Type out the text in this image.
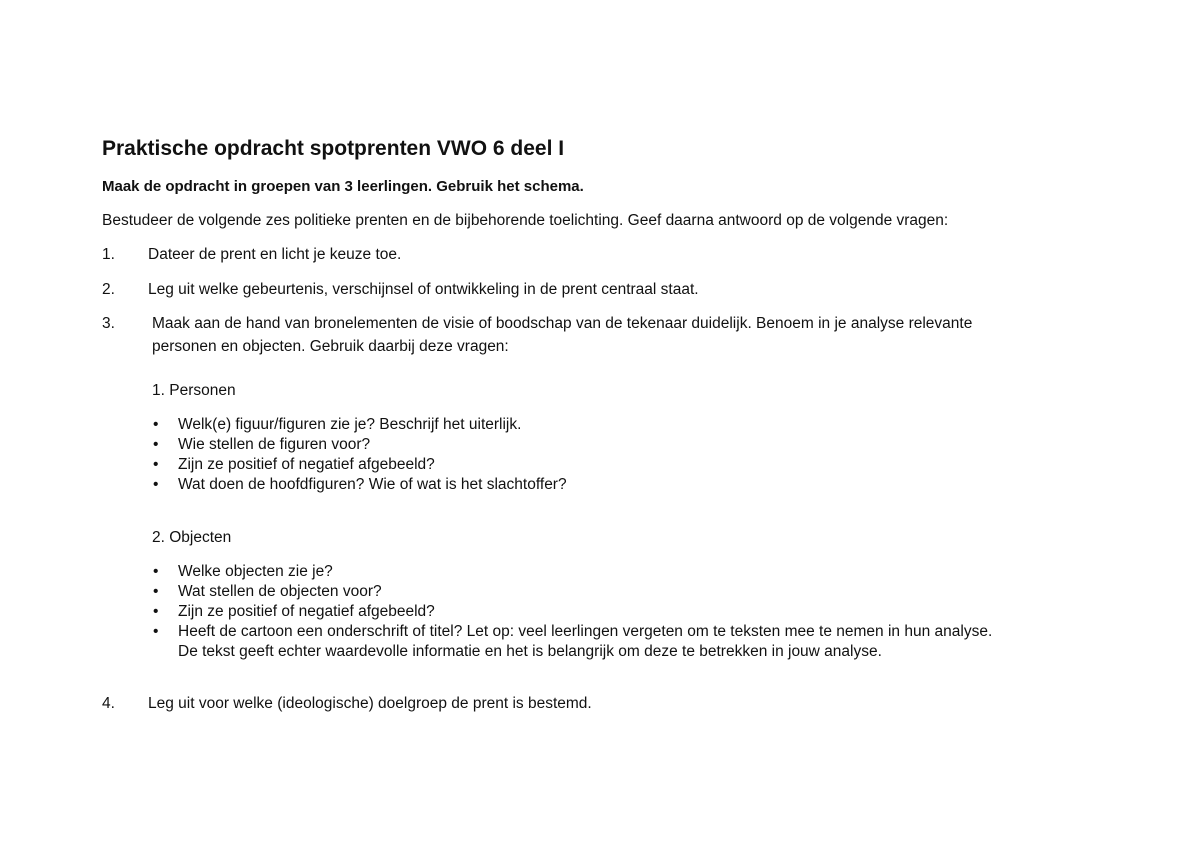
Praktische opdracht spotprenten VWO 6 deel I
Maak de opdracht in groepen van 3 leerlingen. Gebruik het schema.
Bestudeer de volgende zes politieke prenten en de bijbehorende toelichting. Geef daarna antwoord op de volgende vragen:
1. Dateer de prent en licht je keuze toe.
2. Leg uit welke gebeurtenis, verschijnsel of ontwikkeling in de prent centraal staat.
3. Maak aan de hand van bronelementen de visie of boodschap van de tekenaar duidelijk. Benoem in je analyse relevante
personen en objecten. Gebruik daarbij deze vragen:
1. Personen
• Welk(e) figuur/figuren zie je? Beschrijf het uiterlijk.
• Wie stellen de figuren voor?
• Zijn ze positief of negatief afgebeeld?
• Wat doen de hoofdfiguren? Wie of wat is het slachtoffer?
2. Objecten
• Welke objecten zie je?
• Wat stellen de objecten voor?
• Zijn ze positief of negatief afgebeeld?
• Heeft de cartoon een onderschrift of titel? Let op: veel leerlingen vergeten om te teksten mee te nemen in hun analyse.
De tekst geeft echter waardevolle informatie en het is belangrijk om deze te betrekken in jouw analyse.
4. Leg uit voor welke (ideologische) doelgroep de prent is bestemd.
